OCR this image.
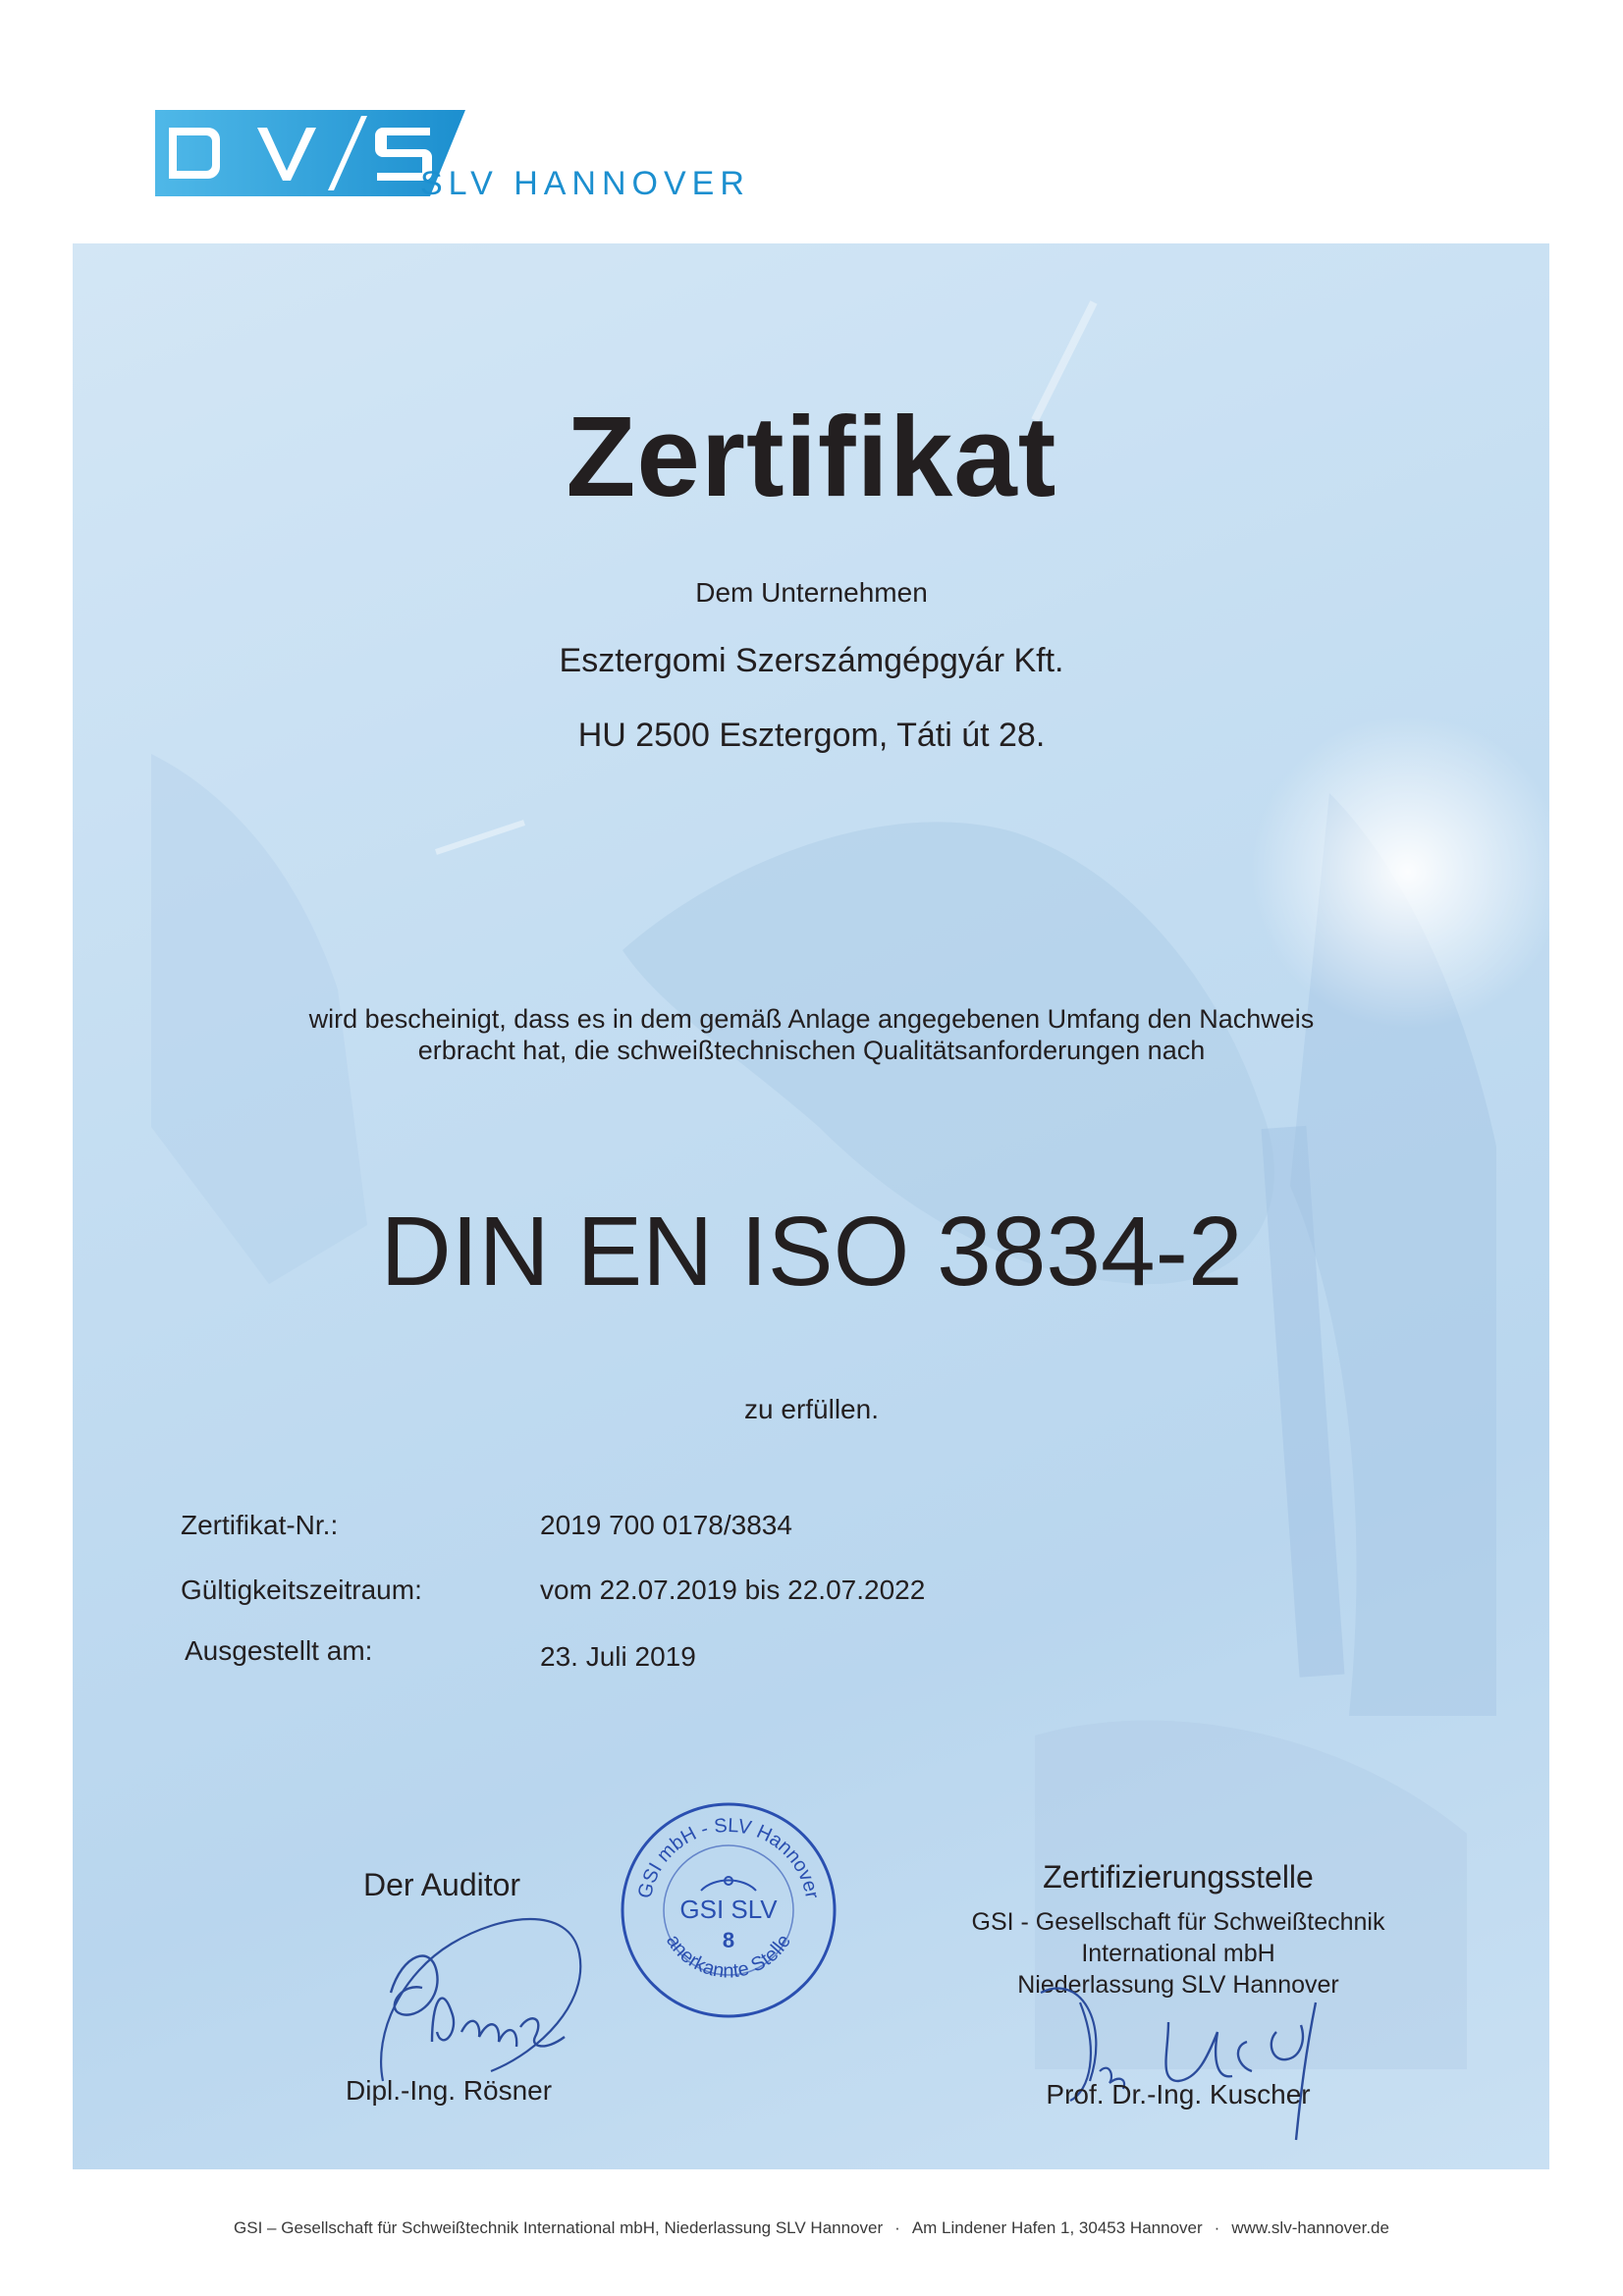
SLV HANNOVER
Zertifikat
Dem Unternehmen
Esztergomi Szerszámgépgyár Kft.
HU 2500 Esztergom, Táti út 28.
wird bescheinigt, dass es in dem gemäß Anlage angegebenen Umfang den Nachweis
erbracht hat, die schweißtechnischen Qualitätsanforderungen nach
DIN EN ISO 3834-2
zu erfüllen.
Zertifikat-Nr.:	2019 700 0178/3834
Gültigkeitszeitraum:	vom 22.07.2019 bis 22.07.2022
Ausgestellt am:	23. Juli 2019
Der Auditor
Dipl.-Ing. Rösner
GSI mbH - SLV Hannover
anerkannte Stelle
GSI SLV
8
Zertifizierungsstelle
GSI - Gesellschaft für Schweißtechnik
International mbH
Niederlassung SLV Hannover
Prof. Dr.-Ing. Kuscher
GSI – Gesellschaft für Schweißtechnik International mbH, Niederlassung SLV Hannover · Am Lindener Hafen 1, 30453 Hannover · www.slv-hannover.de
